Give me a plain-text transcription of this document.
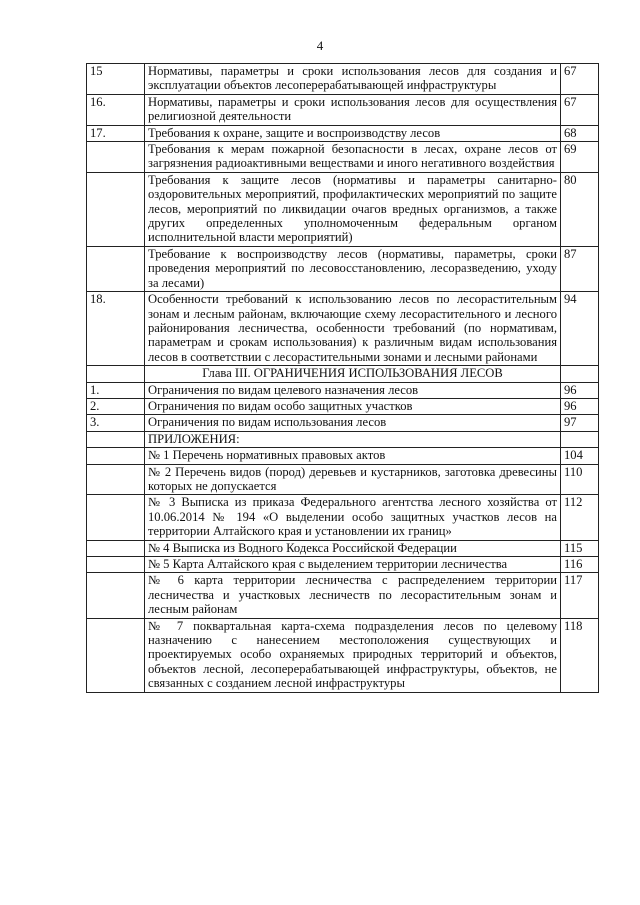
4
15	Нормативы, параметры и сроки использования лесов для создания и эксплуатации объектов лесоперерабатывающей инфраструктуры	67
16.	Нормативы, параметры и сроки использования лесов для осуществления религиозной деятельности	67
17.	Требования к охране, защите и воспроизводству лесов	68
	Требования к мерам пожарной безопасности в лесах, охране лесов от загрязнения радиоактивными веществами и иного негативного воздействия	69
	Требования к защите лесов (нормативы и параметры санитарно-оздоровительных мероприятий, профилактических мероприятий по защите лесов, мероприятий по ликвидации очагов вредных организмов, а также других определенных уполномоченным федеральным органом исполнительной власти мероприятий)	80
	Требование к воспроизводству лесов (нормативы, параметры, сроки проведения мероприятий по лесовосстановлению, лесоразведению, уходу за лесами)	87
18.	Особенности требований к использованию лесов по лесорастительным зонам и лесным районам, включающие схему лесорастительного и лесного районирования лесничества, особенности требований (по нормативам, параметрам и срокам использования) к различным видам использования лесов в соответствии с лесорастительными зонами и лесными районами	94
	Глава III. ОГРАНИЧЕНИЯ ИСПОЛЬЗОВАНИЯ ЛЕСОВ	
1.	Ограничения по видам целевого назначения лесов	96
2.	Ограничения по видам особо защитных участков	96
3.	Ограничения по видам использования лесов	97
	ПРИЛОЖЕНИЯ:	
	№ 1 Перечень нормативных правовых актов	104
	№ 2 Перечень видов (пород) деревьев и кустарников, заготовка древесины которых не допускается	110
	№ 3 Выписка из приказа Федерального агентства лесного хозяйства от 10.06.2014 № 194 «О выделении особо защитных участков лесов на территории Алтайского края и установлении их границ»	112
	№ 4 Выписка из Водного Кодекса Российской Федерации	115
	№ 5 Карта Алтайского края с выделением территории лесничества	116
	№ 6 карта территории лесничества с распределением территории лесничества и участковых лесничеств по лесорастительным зонам и лесным районам	117
	№ 7 поквартальная карта-схема подразделения лесов по целевому назначению с нанесением местоположения существующих и проектируемых особо охраняемых природных территорий и объектов, объектов лесной, лесоперерабатывающей инфраструктуры, объектов, не связанных с созданием лесной инфраструктуры	118
